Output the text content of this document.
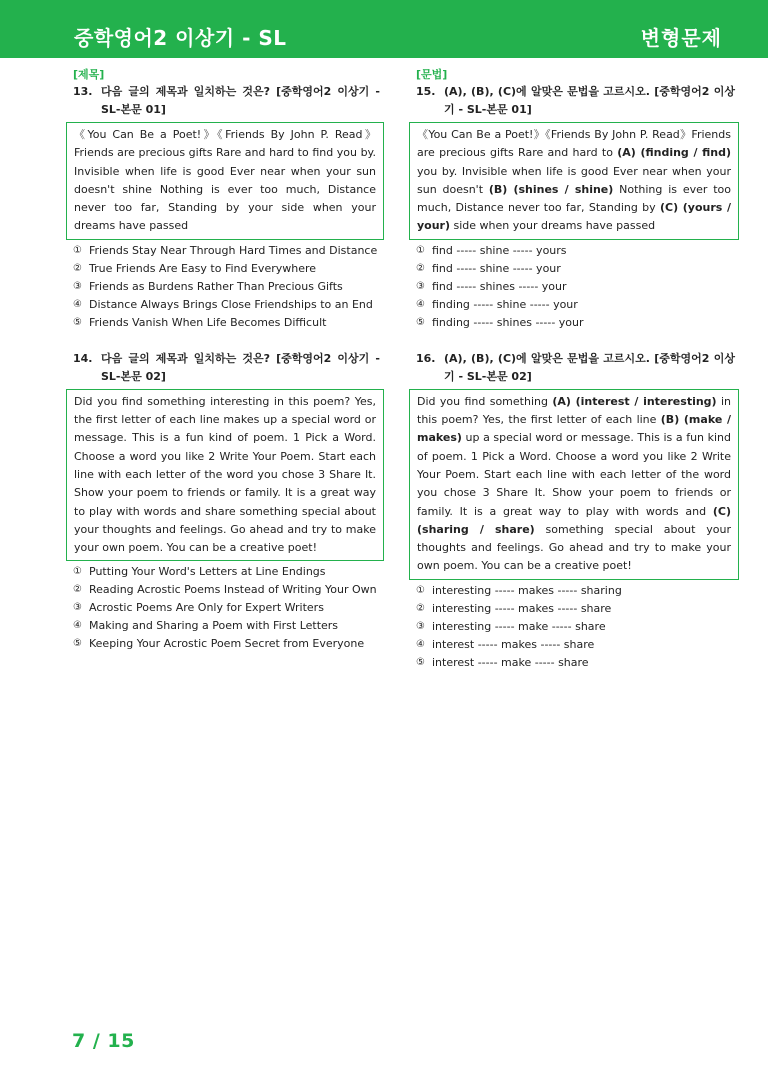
중학영어2 이상기 - SL	변형문제
[제목]
13. 다음 글의 제목과 일치하는 것은? [중학영어2 이상기 - SL-본문 01]
《You Can Be a Poet!》《Friends By John P. Read》Friends are precious gifts Rare and hard to find you by. Invisible when life is good Ever near when your sun doesn't shine Nothing is ever too much, Distance never too far, Standing by your side when your dreams have passed
① Friends Stay Near Through Hard Times and Distance
② True Friends Are Easy to Find Everywhere
③ Friends as Burdens Rather Than Precious Gifts
④ Distance Always Brings Close Friendships to an End
⑤ Friends Vanish When Life Becomes Difficult
14. 다음 글의 제목과 일치하는 것은? [중학영어2 이상기 - SL-본문 02]
Did you find something interesting in this poem? Yes, the first letter of each line makes up a special word or message. This is a fun kind of poem. 1 Pick a Word. Choose a word you like 2 Write Your Poem. Start each line with each letter of the word you chose 3 Share It. Show your poem to friends or family. It is a great way to play with words and share something special about your thoughts and feelings. Go ahead and try to make your own poem. You can be a creative poet!
① Putting Your Word's Letters at Line Endings
② Reading Acrostic Poems Instead of Writing Your Own
③ Acrostic Poems Are Only for Expert Writers
④ Making and Sharing a Poem with First Letters
⑤ Keeping Your Acrostic Poem Secret from Everyone
[문법]
15. (A), (B), (C)에 알맞은 문법을 고르시오. [중학영어2 이상기 - SL-본문 01]
《You Can Be a Poet!》《Friends By John P. Read》Friends are precious gifts Rare and hard to (A) (finding / find) you by. Invisible when life is good Ever near when your sun doesn't (B) (shines / shine) Nothing is ever too much, Distance never too far, Standing by (C) (yours / your) side when your dreams have passed
① find ----- shine ----- yours
② find ----- shine ----- your
③ find ----- shines ----- your
④ finding ----- shine ----- your
⑤ finding ----- shines ----- your
16. (A), (B), (C)에 알맞은 문법을 고르시오. [중학영어2 이상기 - SL-본문 02]
Did you find something (A) (interest / interesting) in this poem? Yes, the first letter of each line (B) (make / makes) up a special word or message. This is a fun kind of poem. 1 Pick a Word. Choose a word you like 2 Write Your Poem. Start each line with each letter of the word you chose 3 Share It. Show your poem to friends or family. It is a great way to play with words and (C) (sharing / share) something special about your thoughts and feelings. Go ahead and try to make your own poem. You can be a creative poet!
① interesting ----- makes ----- sharing
② interesting ----- makes ----- share
③ interesting ----- make ----- share
④ interest ----- makes ----- share
⑤ interest ----- make ----- share
7 / 15
